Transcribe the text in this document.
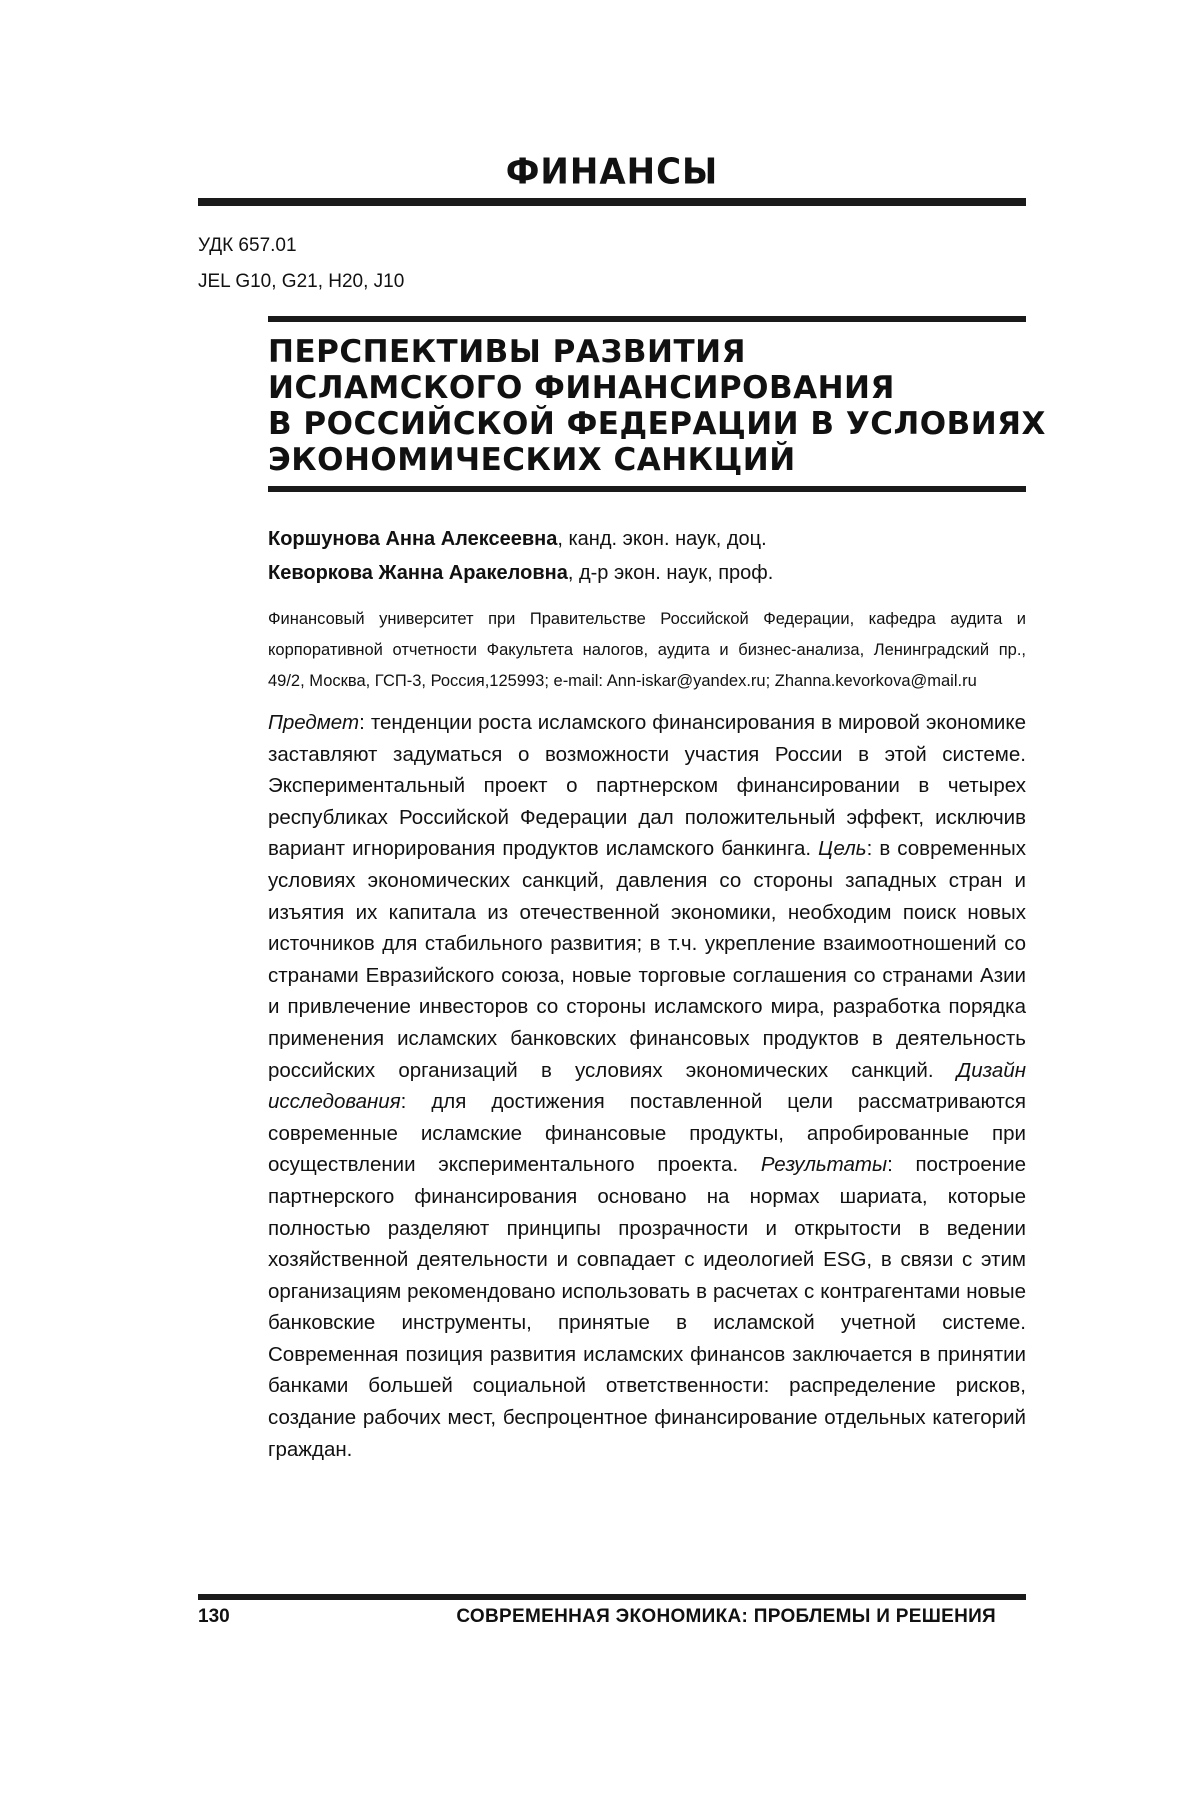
ФИНАНСЫ
УДК 657.01
JEL G10, G21, H20, J10
ПЕРСПЕКТИВЫ РАЗВИТИЯ
ИСЛАМСКОГО ФИНАНСИРОВАНИЯ
В РОССИЙСКОЙ ФЕДЕРАЦИИ В УСЛОВИЯХ
ЭКОНОМИЧЕСКИХ САНКЦИЙ
Коршунова Анна Алексеевна, канд. экон. наук, доц.
Кеворкова Жанна Аракеловна, д-р экон. наук, проф.
Финансовый университет при Правительстве Российской Федерации, кафедра аудита и корпоративной отчетности Факультета налогов, аудита и бизнес-анализа, Ленинградский пр., 49/2, Москва, ГСП-3, Россия,125993; e-mail: Ann-iskar@yandex.ru; Zhanna.kevorkova@mail.ru
Предмет: тенденции роста исламского финансирования в мировой экономике заставляют задуматься о возможности участия России в этой системе. Экспериментальный проект о партнерском финансировании в четырех республиках Российской Федерации дал положительный эффект, исключив вариант игнорирования продуктов исламского банкинга. Цель: в современных условиях экономических санкций, давления со стороны западных стран и изъятия их капитала из отечественной экономики, необходим поиск новых источников для стабильного развития; в т.ч. укрепление взаимоотношений со странами Евразийского союза, новые торговые соглашения со странами Азии и привлечение инвесторов со стороны исламского мира, разработка порядка применения исламских банковских финансовых продуктов в деятельность российских организаций в условиях экономических санкций. Дизайн исследования: для достижения поставленной цели рассматриваются современные исламские финансовые продукты, апробированные при осуществлении экспериментального проекта. Результаты: построение партнерского финансирования основано на нормах шариата, которые полностью разделяют принципы прозрачности и открытости в ведении хозяйственной деятельности и совпадает с идеологией ESG, в связи с этим организациям рекомендовано использовать в расчетах с контрагентами новые банковские инструменты, принятые в исламской учетной системе. Современная позиция развития исламских финансов заключается в принятии банками большей социальной ответственности: распределение рисков, создание рабочих мест, беспроцентное финансирование отдельных категорий граждан.
130	СОВРЕМЕННАЯ ЭКОНОМИКА: ПРОБЛЕМЫ И РЕШЕНИЯ
